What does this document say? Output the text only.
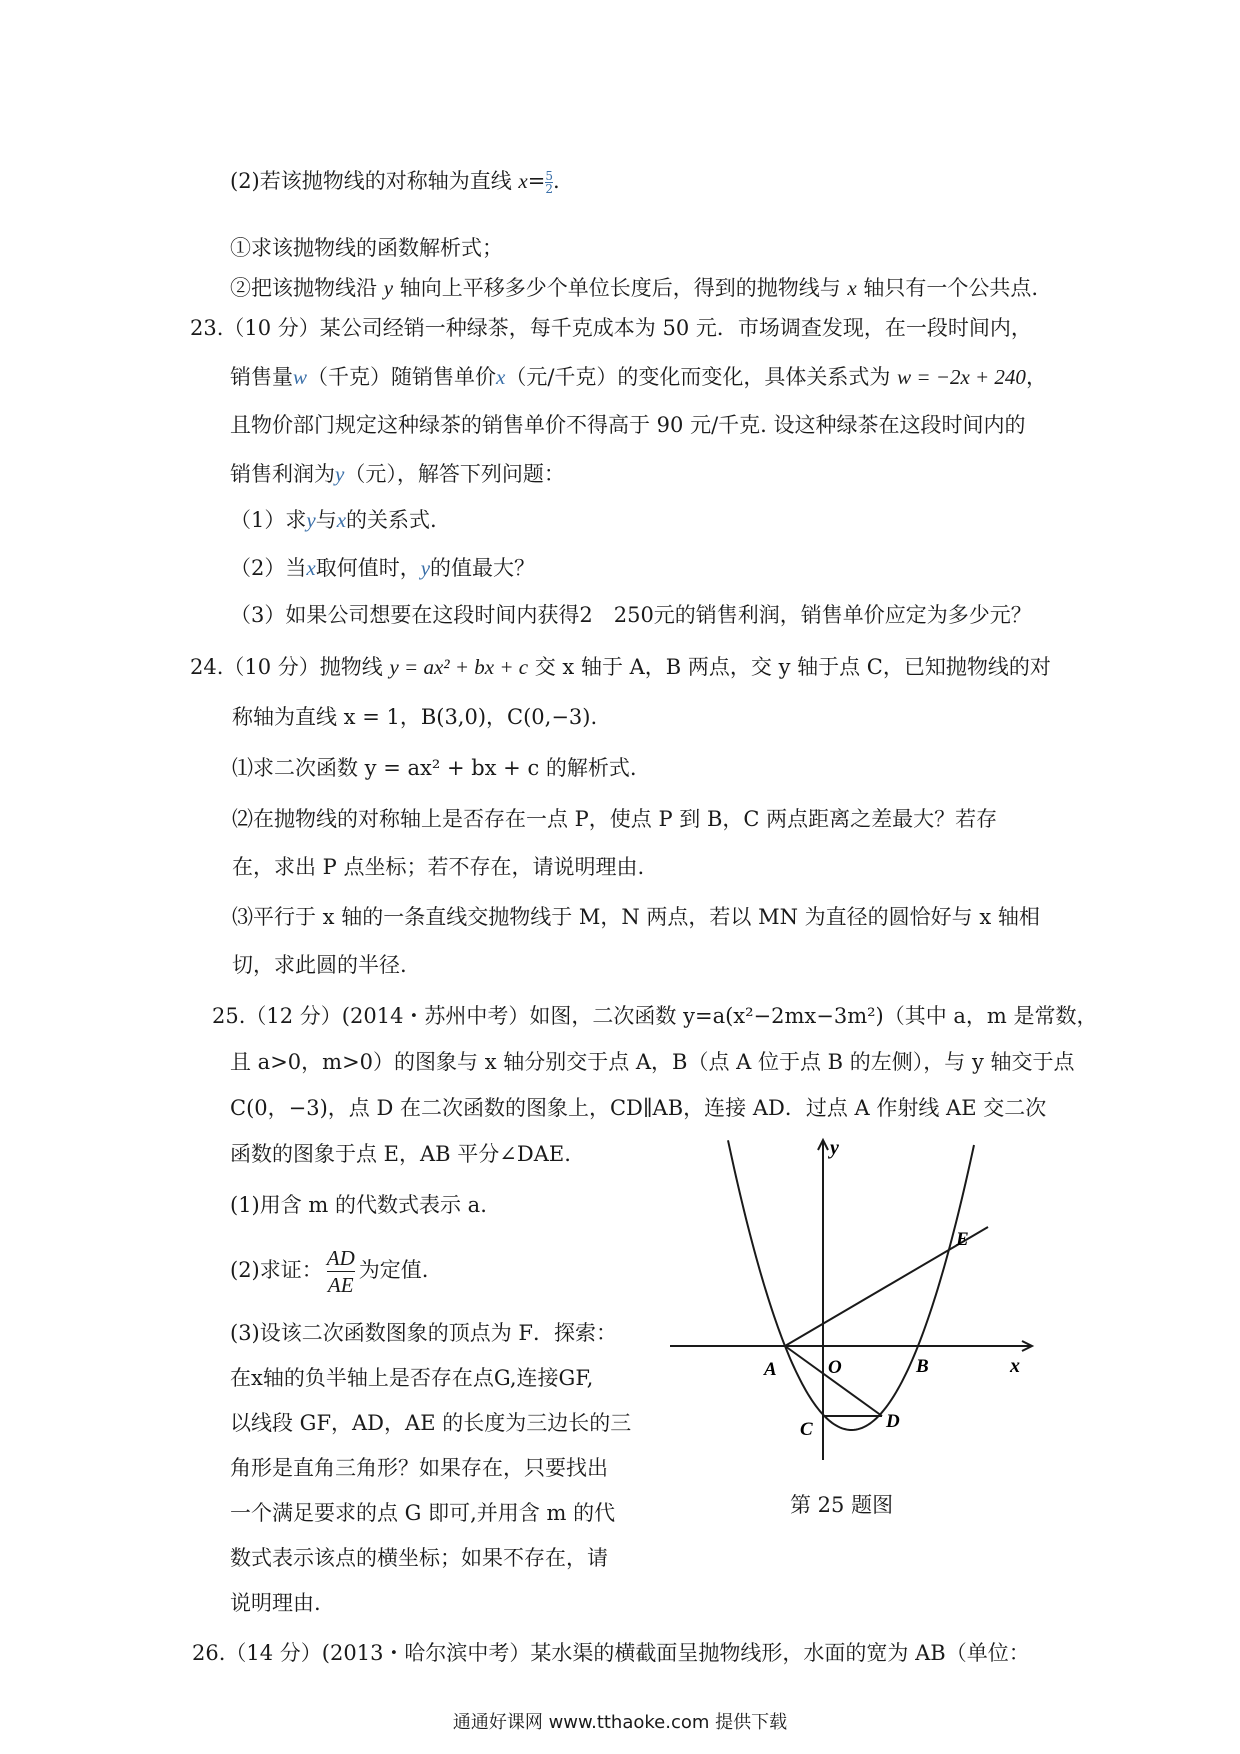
(2)若该抛物线的对称轴为直线 $x= \frac{5}{2}$ .
①求该抛物线的函数解析式；
②把该抛物线沿 y 轴向上平移多少个单位长度后，得到的抛物线与 x 轴只有一个公共点.
23.（10 分）某公司经销一种绿茶，每千克成本为 50 元．市场调查发现，在一段时间内，
销售量w（千克）随销售单价x（元/千克）的变化而变化，具体关系式为 w = −2x + 240，
且物价部门规定这种绿茶的销售单价不得高于 90 元/千克. 设这种绿茶在这段时间内的
销售利润为y（元），解答下列问题：
（1）求y与x的关系式.
（2）当x取何值时，y的值最大？
（3）如果公司想要在这段时间内获得2　250元的销售利润，销售单价应定为多少元？
24.（10 分）抛物线 y = ax² + bx + c 交 x 轴于 A，B 两点，交 y 轴于点 C，已知抛物线的对
称轴为直线 x = 1，B(3,0)，C(0,−3).
⑴求二次函数 y = ax² + bx + c 的解析式.
⑵在抛物线的对称轴上是否存在一点 P，使点 P 到 B，C 两点距离之差最大？若存
在，求出 P 点坐标；若不存在，请说明理由.
⑶平行于 x 轴的一条直线交抛物线于 M，N 两点，若以 MN 为直径的圆恰好与 x 轴相
切，求此圆的半径.
25.（12 分）(2014・苏州中考）如图，二次函数 y=a(x²−2mx−3m²)（其中 a，m 是常数，
且 a>0，m>0）的图象与 x 轴分别交于点 A，B（点 A 位于点 B 的左侧），与 y 轴交于点
C(0，−3)，点 D 在二次函数的图象上，CD∥AB，连接 AD．过点 A 作射线 AE 交二次
函数的图象于点 E，AB 平分∠DAE.
(1)用含 m 的代数式表示 a.
(2)求证： $\frac{AD}{AE}$ 为定值.
(3)设该二次函数图象的顶点为 F．探索：
在x轴的负半轴上是否存在点G,连接GF,
以线段 GF，AD，AE 的长度为三边长的三
角形是直角三角形？如果存在，只要找出
一个满足要求的点 G 即可,并用含 m 的代
数式表示该点的横坐标；如果不存在，请
说明理由.
y
x
A	O	B
C	D
E
第 25 题图
26.（14 分）(2013・哈尔滨中考）某水渠的横截面呈抛物线形，水面的宽为 AB（单位：
通通好课网 www.tthaoke.com 提供下载
